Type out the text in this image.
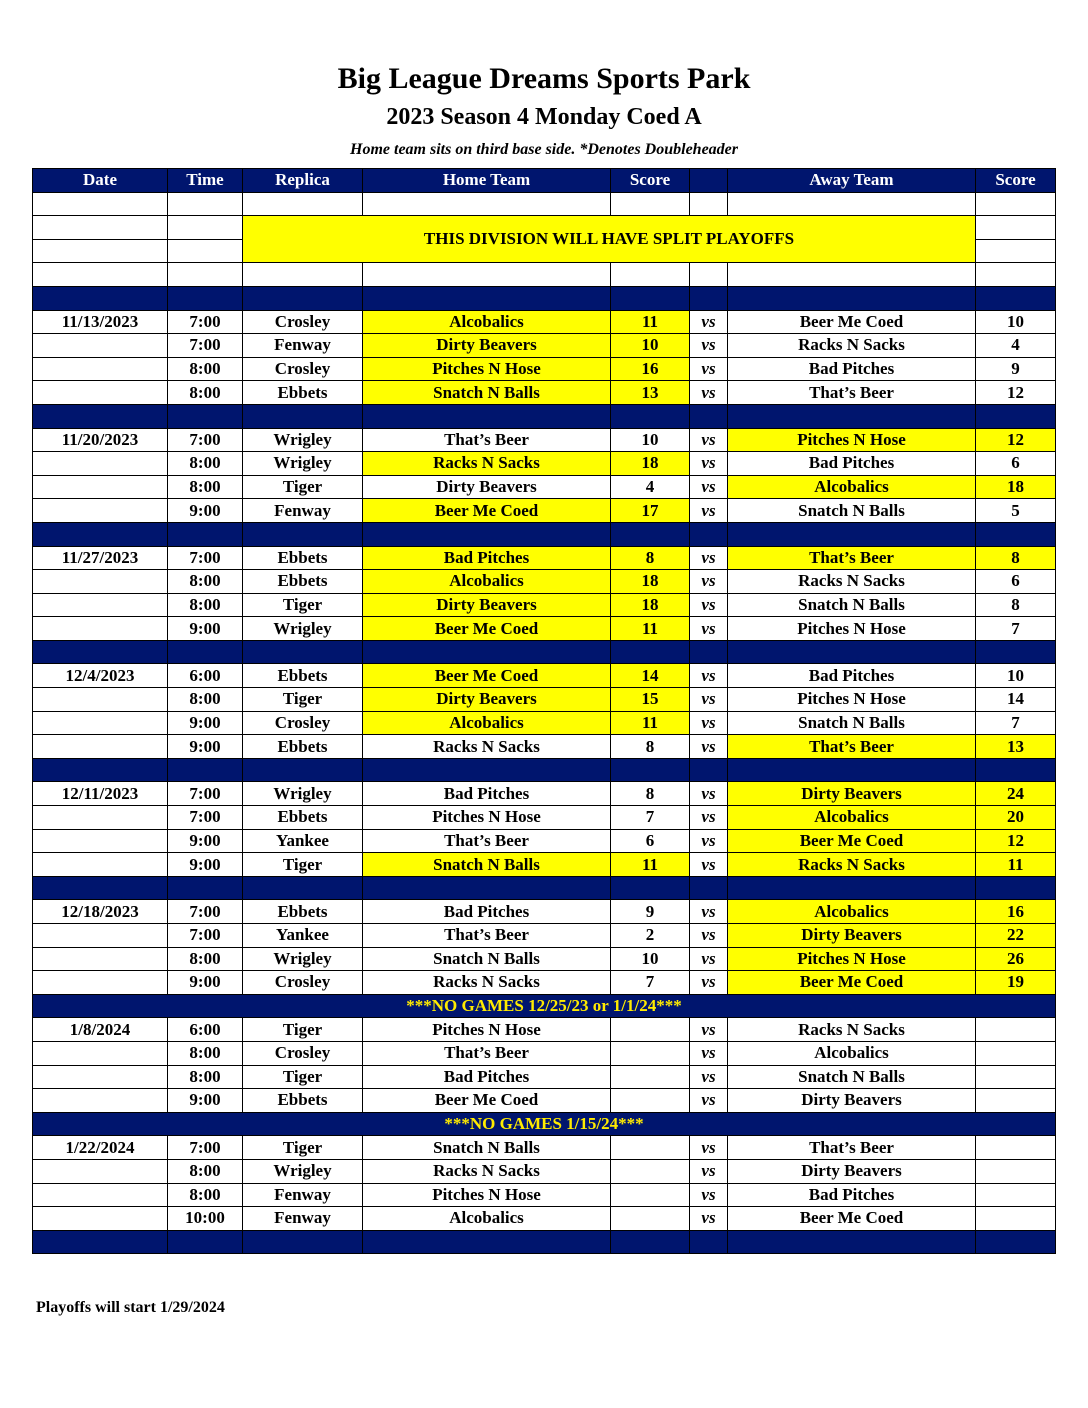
Big League Dreams Sports Park
2023 Season 4 Monday Coed A
Home team sits on third base side. *Denotes Doubleheader
Date	Time	Replica	Home Team	Score		Away Team	Score

		THIS DIVISION WILL HAVE SPLIT PLAYOFFS					

11/13/2023	7:00	Crosley	Alcobalics	11	vs	Beer Me Coed	10
	7:00	Fenway	Dirty Beavers	10	vs	Racks N Sacks	4
	8:00	Crosley	Pitches N Hose	16	vs	Bad Pitches	9
	8:00	Ebbets	Snatch N Balls	13	vs	That’s Beer	12

11/20/2023	7:00	Wrigley	That’s Beer	10	vs	Pitches N Hose	12
	8:00	Wrigley	Racks N Sacks	18	vs	Bad Pitches	6
	8:00	Tiger	Dirty Beavers	4	vs	Alcobalics	18
	9:00	Fenway	Beer Me Coed	17	vs	Snatch N Balls	5

11/27/2023	7:00	Ebbets	Bad Pitches	8	vs	That’s Beer	8
	8:00	Ebbets	Alcobalics	18	vs	Racks N Sacks	6
	8:00	Tiger	Dirty Beavers	18	vs	Snatch N Balls	8
	9:00	Wrigley	Beer Me Coed	11	vs	Pitches N Hose	7

12/4/2023	6:00	Ebbets	Beer Me Coed	14	vs	Bad Pitches	10
	8:00	Tiger	Dirty Beavers	15	vs	Pitches N Hose	14
	9:00	Crosley	Alcobalics	11	vs	Snatch N Balls	7
	9:00	Ebbets	Racks N Sacks	8	vs	That’s Beer	13

12/11/2023	7:00	Wrigley	Bad Pitches	8	vs	Dirty Beavers	24
	7:00	Ebbets	Pitches N Hose	7	vs	Alcobalics	20
	9:00	Yankee	That’s Beer	6	vs	Beer Me Coed	12
	9:00	Tiger	Snatch N Balls	11	vs	Racks N Sacks	11

12/18/2023	7:00	Ebbets	Bad Pitches	9	vs	Alcobalics	16
	7:00	Yankee	That’s Beer	2	vs	Dirty Beavers	22
	8:00	Wrigley	Snatch N Balls	10	vs	Pitches N Hose	26
	9:00	Crosley	Racks N Sacks	7	vs	Beer Me Coed	19
***NO GAMES 12/25/23 or 1/1/24***							
1/8/2024	6:00	Tiger	Pitches N Hose		vs	Racks N Sacks	
	8:00	Crosley	That’s Beer		vs	Alcobalics	
	8:00	Tiger	Bad Pitches		vs	Snatch N Balls	
	9:00	Ebbets	Beer Me Coed		vs	Dirty Beavers	
***NO GAMES 1/15/24***							
1/22/2024	7:00	Tiger	Snatch N Balls		vs	That’s Beer	
	8:00	Wrigley	Racks N Sacks		vs	Dirty Beavers	
	8:00	Fenway	Pitches N Hose		vs	Bad Pitches	
	10:00	Fenway	Alcobalics		vs	Beer Me Coed	

Playoffs will start 1/29/2024
